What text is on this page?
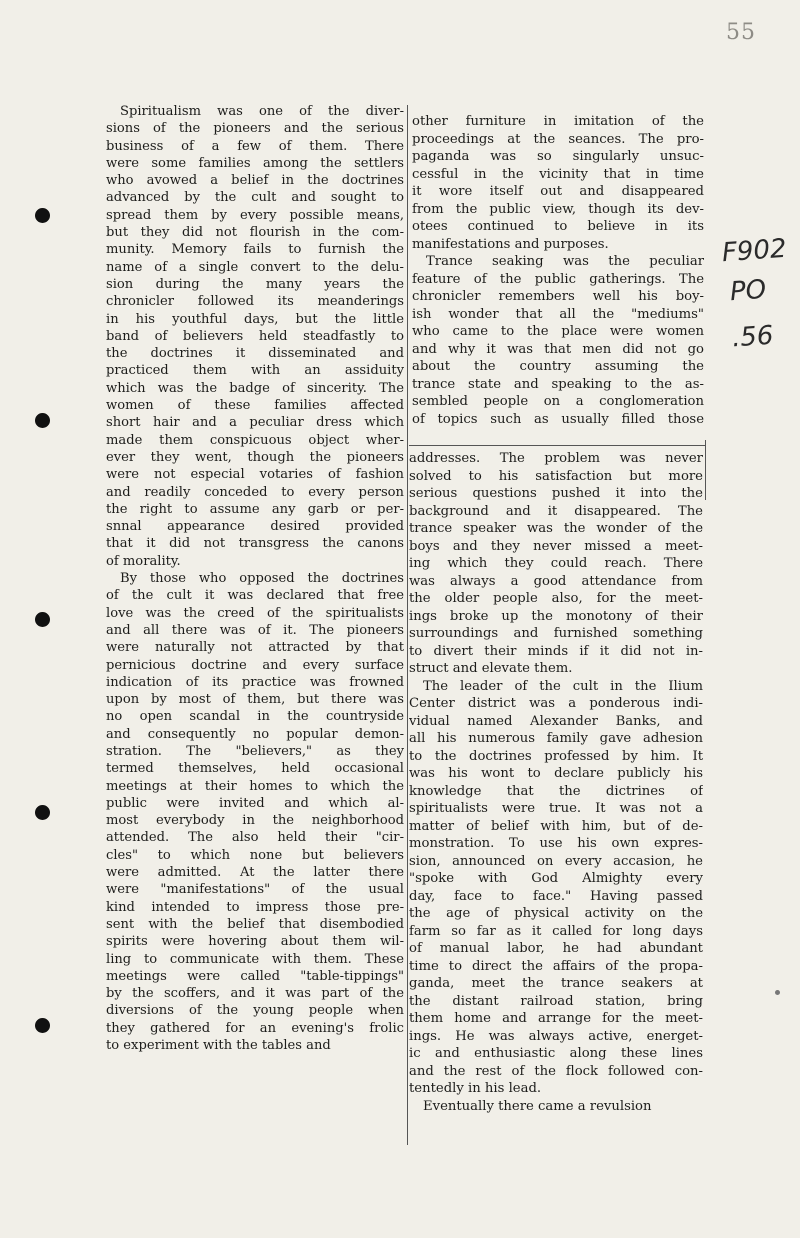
55
F902
PO
.56
Spiritualism was one of the diver-
sions of the pioneers and the serious
business of a few of them. There
were some families among the settlers
who avowed a belief in the doctrines
advanced by the cult and sought to
spread them by every possible means,
but they did not flourish in the com-
munity. Memory fails to furnish the
name of a single convert to the delu-
sion during the many years the
chronicler followed its meanderings
in his youthful days, but the little
band of believers held steadfastly to
the doctrines it disseminated and
practiced them with an assiduity
which was the badge of sincerity. The
women of these families affected
short hair and a peculiar dress which
made them conspicuous object wher-
ever they went, though the pioneers
were not especial votaries of fashion
and readily conceded to every person
the right to assume any garb or per-
snnal appearance desired provided
that it did not transgress the canons
of morality.
By those who opposed the doctrines
of the cult it was declared that free
love was the creed of the spiritualists
and all there was of it. The pioneers
were naturally not attracted by that
pernicious doctrine and every surface
indication of its practice was frowned
upon by most of them, but there was
no open scandal in the countryside
and consequently no popular demon-
stration. The "believers," as they
termed themselves, held occasional
meetings at their homes to which the
public were invited and which al-
most everybody in the neighborhood
attended. The also held their "cir-
cles" to which none but believers
were admitted. At the latter there
were "manifestations" of the usual
kind intended to impress those pre-
sent with the belief that disembodied
spirits were hovering about them wil-
ling to communicate with them. These
meetings were called "table-tippings"
by the scoffers, and it was part of the
diversions of the young people when
they gathered for an evening's frolic
to experiment with the tables and
other furniture in imitation of the
proceedings at the seances. The pro-
paganda was so singularly unsuc-
cessful in the vicinity that in time
it wore itself out and disappeared
from the public view, though its dev-
otees continued to believe in its
manifestations and purposes.
Trance seaking was the peculiar
feature of the public gatherings. The
chronicler remembers well his boy-
ish wonder that all the "mediums"
who came to the place were women
and why it was that men did not go
about the country assuming the
trance state and speaking to the as-
sembled people on a conglomeration
of topics such as usually filled those
addresses. The problem was never
solved to his satisfaction but more
serious questions pushed it into the
background and it disappeared. The
trance speaker was the wonder of the
boys and they never missed a meet-
ing which they could reach. There
was always a good attendance from
the older people also, for the meet-
ings broke up the monotony of their
surroundings and furnished something
to divert their minds if it did not in-
struct and elevate them.
The leader of the cult in the Ilium
Center district was a ponderous indi-
vidual named Alexander Banks, and
all his numerous family gave adhesion
to the doctrines professed by him. It
was his wont to declare publicly his
knowledge that the dictrines of
spiritualists were true. It was not a
matter of belief with him, but of de-
monstration. To use his own expres-
sion, announced on every accasion, he
"spoke with God Almighty every
day, face to face." Having passed
the age of physical activity on the
farm so far as it called for long days
of manual labor, he had abundant
time to direct the affairs of the propa-
ganda, meet the trance seakers at
the distant railroad station, bring
them home and arrange for the meet-
ings. He was always active, energet-
ic and enthusiastic along these lines
and the rest of the flock followed con-
tentedly in his lead.
Eventually there came a revulsion
